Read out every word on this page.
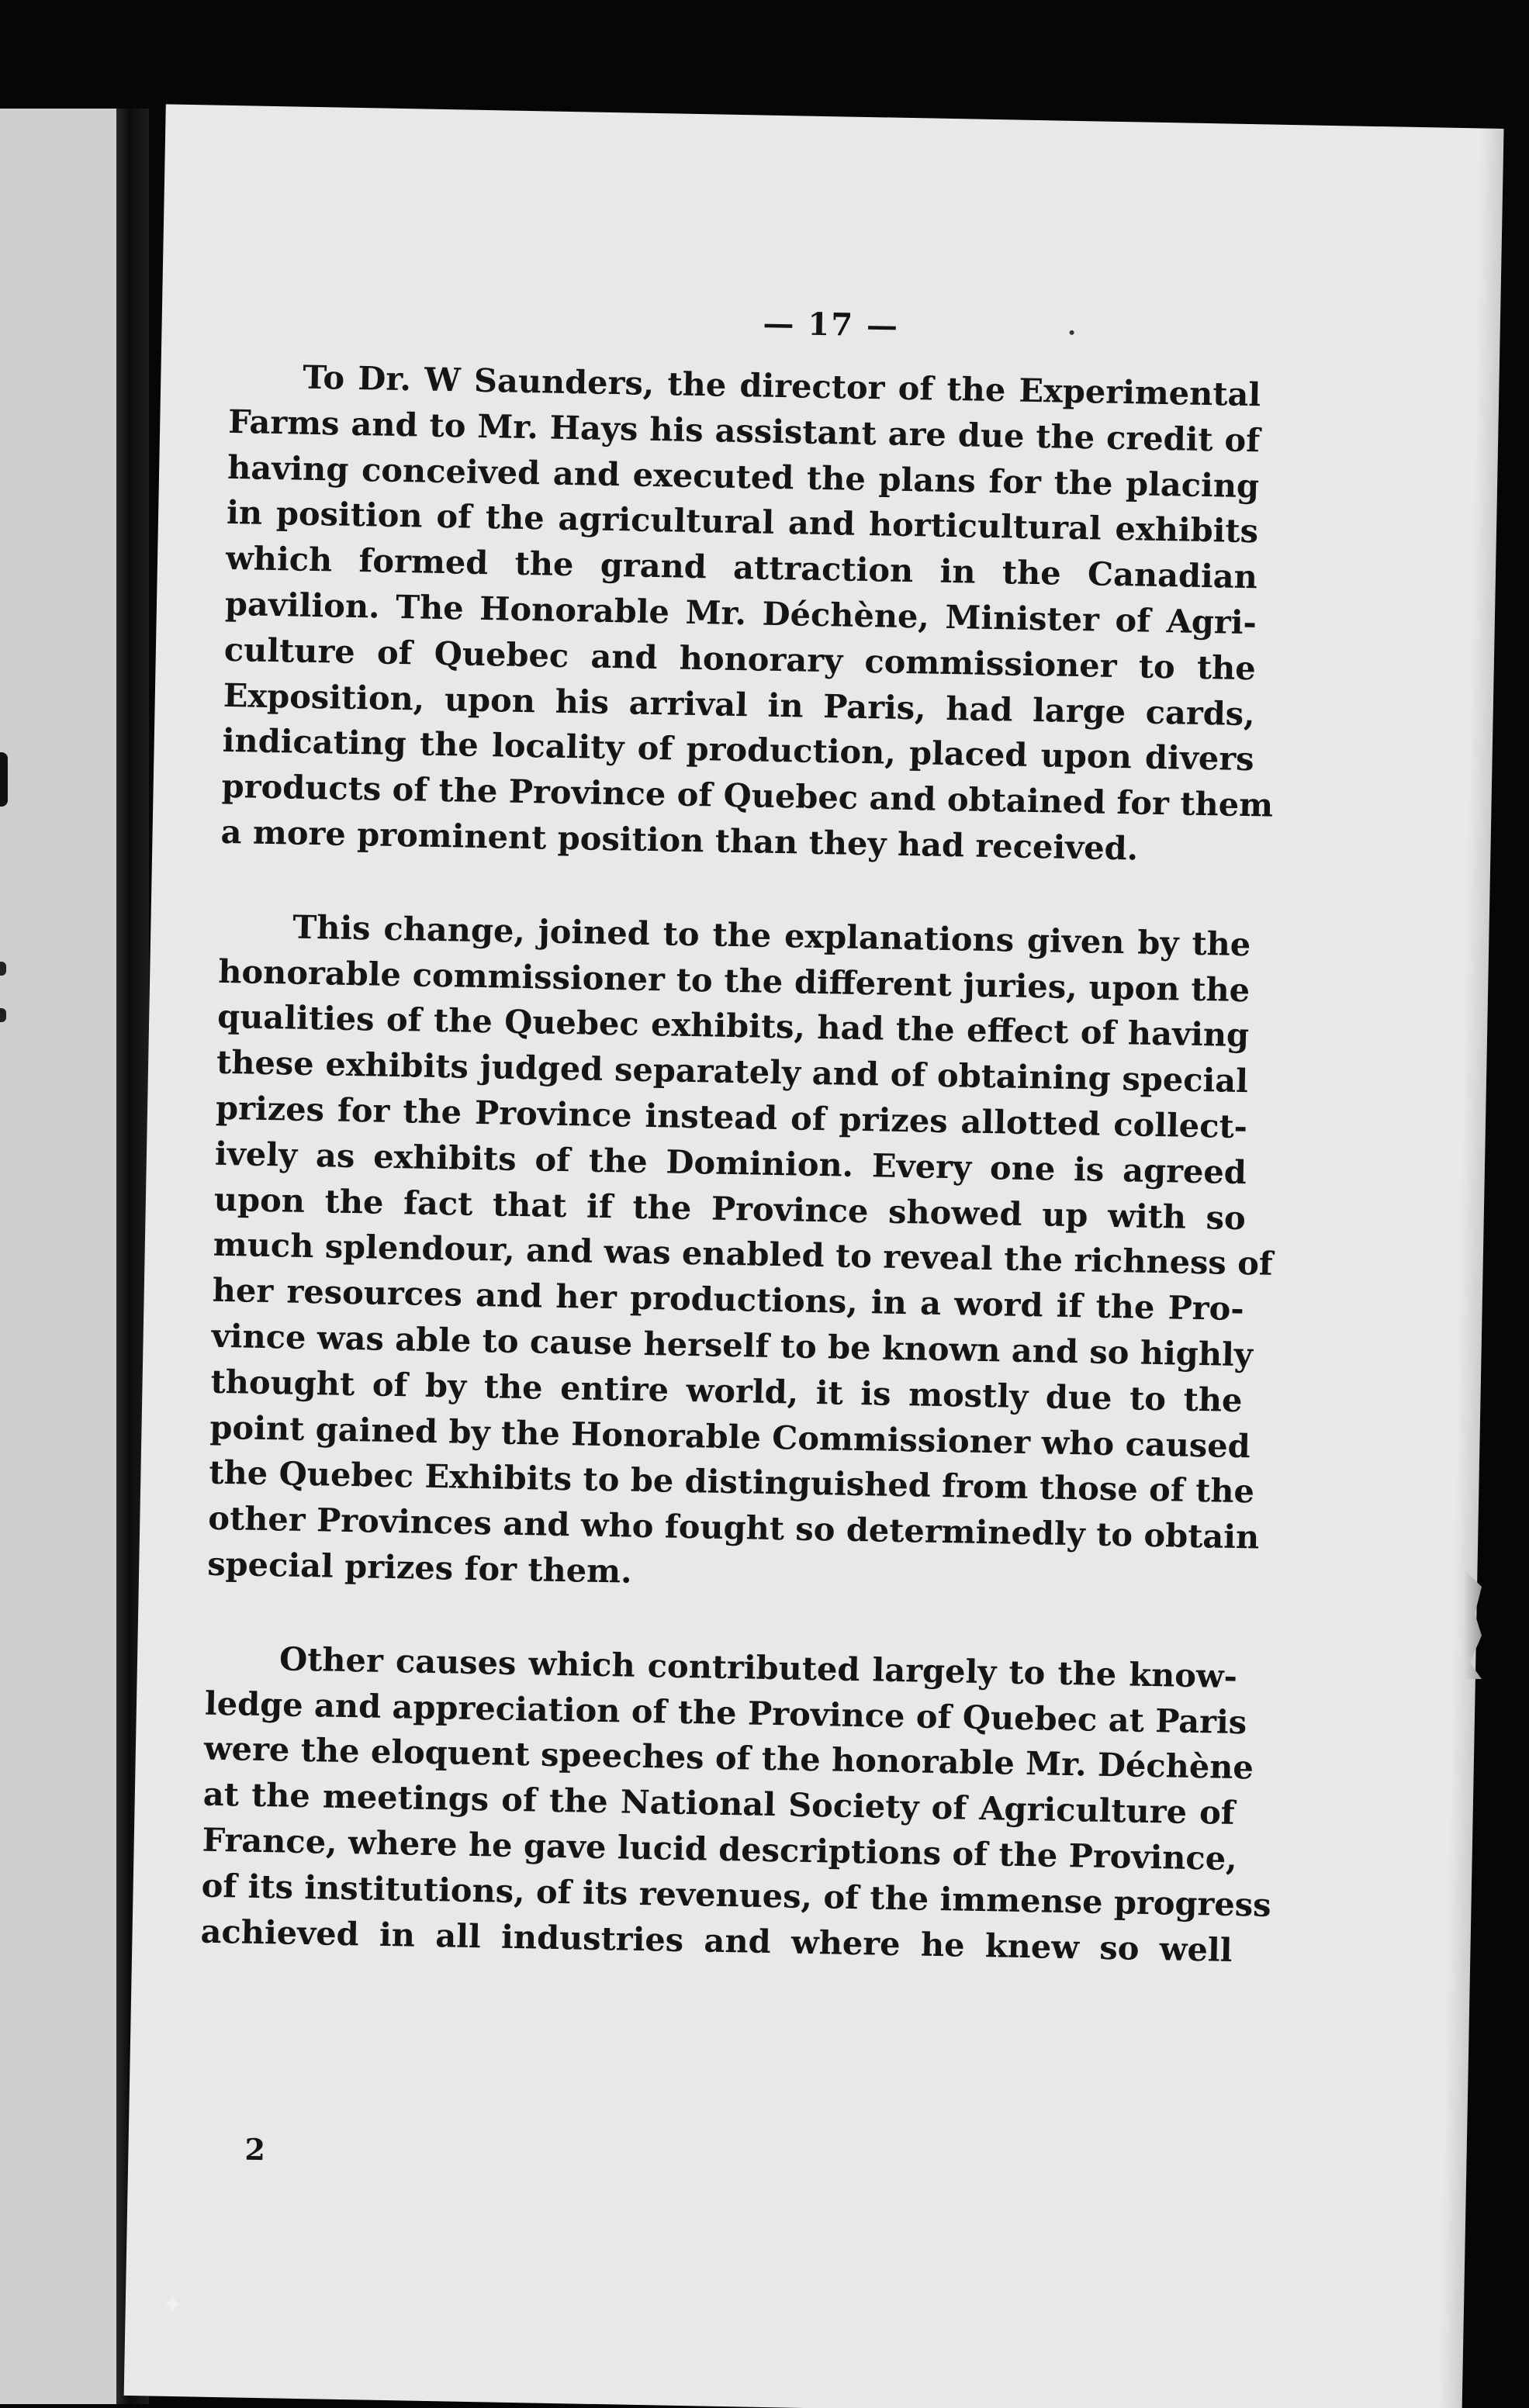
— 17 —

To Dr. W Saunders, the director of the Experimental
Farms and to Mr. Hays his assistant are due the credit of
having conceived and executed the plans for the placing
in position of the agricultural and horticultural exhibits
which formed the grand attraction in the Canadian
pavilion. The Honorable Mr. Déchène, Minister of Agri-
culture of Quebec and honorary commissioner to the
Exposition, upon his arrival in Paris, had large cards,
indicating the locality of production, placed upon divers
products of the Province of Quebec and obtained for them
a more prominent position than they had received.

This change, joined to the explanations given by the
honorable commissioner to the different juries, upon the
qualities of the Quebec exhibits, had the effect of having
these exhibits judged separately and of obtaining special
prizes for the Province instead of prizes allotted collect-
ively as exhibits of the Dominion. Every one is agreed
upon the fact that if the Province showed up with so
much splendour, and was enabled to reveal the richness of
her resources and her productions, in a word if the Pro-
vince was able to cause herself to be known and so highly
thought of by the entire world, it is mostly due to the
point gained by the Honorable Commissioner who caused
the Quebec Exhibits to be distinguished from those of the
other Provinces and who fought so determinedly to obtain
special prizes for them.

Other causes which contributed largely to the know-
ledge and appreciation of the Province of Quebec at Paris
were the eloquent speeches of the honorable Mr. Déchène
at the meetings of the National Society of Agriculture of
France, where he gave lucid descriptions of the Province,
of its institutions, of its revenues, of the immense progress
achieved in all industries and where he knew so well

2
✦
